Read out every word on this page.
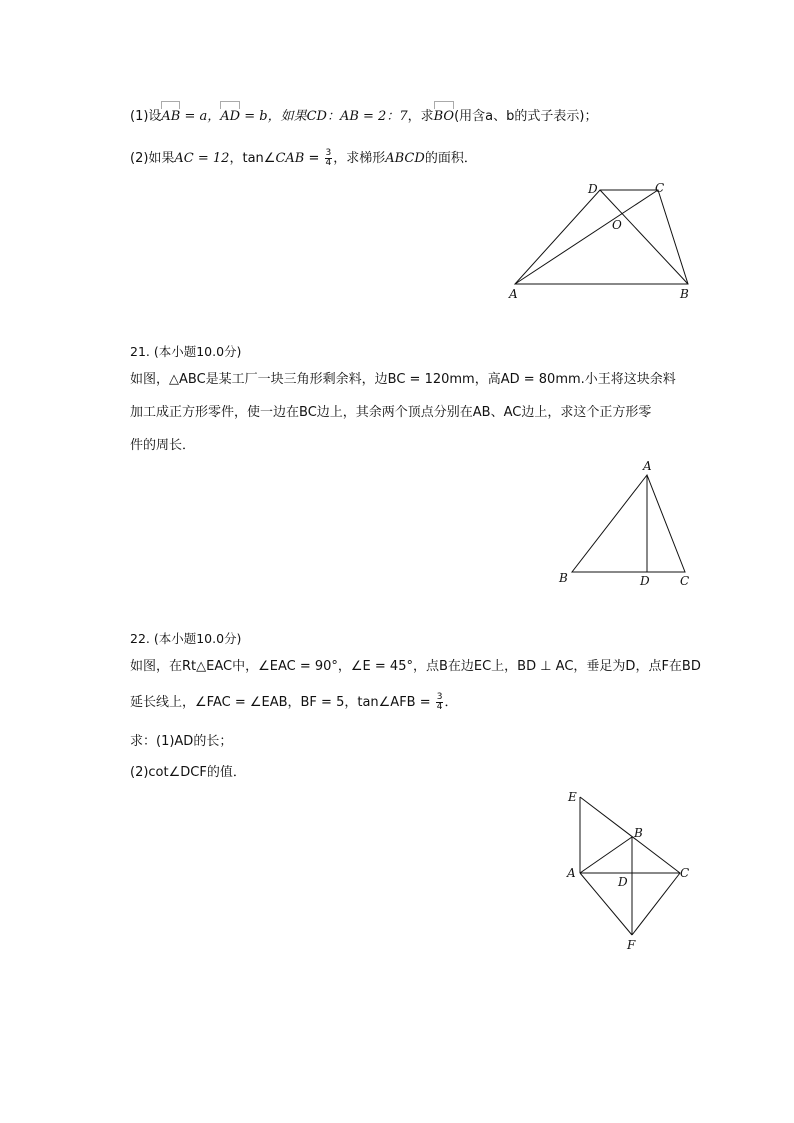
(1)设AB = a，AD = b，如果CD：AB = 2：7，求BO(用含a、b的式子表示)；
(2)如果AC = 12，tan∠CAB = $\frac{3}{4}$ ，求梯形ABCD的面积．
D	C
O
A	B
21. (本小题10.0分)
如图，△ABC是某工厂一块三角形剩余料，边BC = 120mm，高AD = 80mm.小王将这块余料
加工成正方形零件，使一边在BC边上，其余两个顶点分别在AB、AC边上，求这个正方形零
件的周长．
A
B	D	C
22. (本小题10.0分)
如图，在Rt△EAC中，∠EAC = 90°，∠E = 45°，点B在边EC上，BD ⊥ AC，垂足为D，点F在BD
延长线上，∠FAC = ∠EAB，BF = 5，tan∠AFB = $\frac{3}{4}$ ．
求：(1)AD的长；
(2)cot∠DCF的值．
E
B
A
D
C
F
